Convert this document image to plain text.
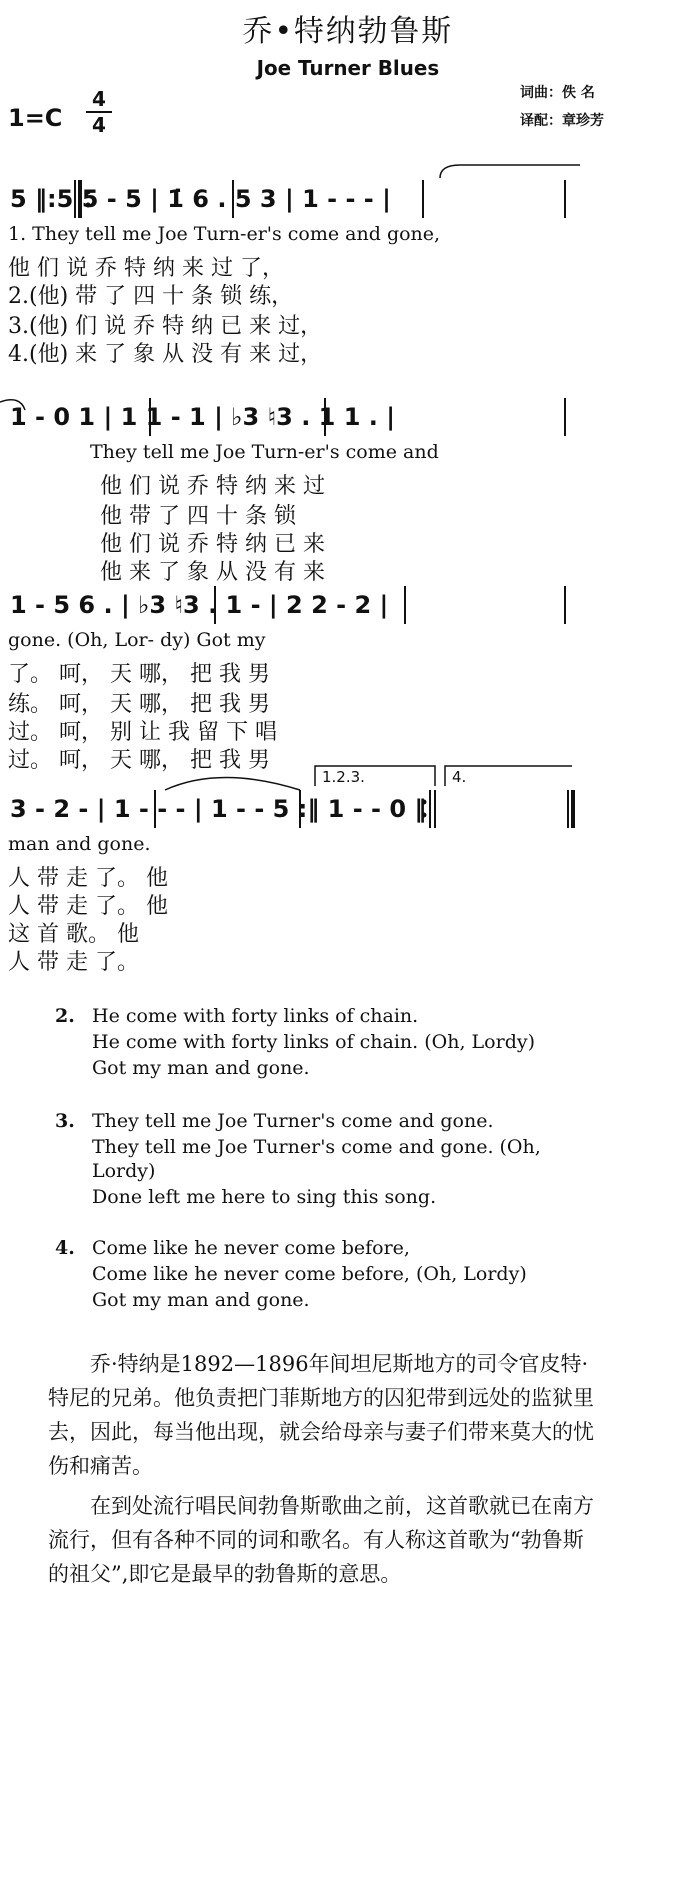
乔•特纳勃鲁斯
Joe Turner Blues
1=C
4
4
词曲：佚 名
译配：章珍芳
5 ‖:5 5 - 5 | 1̇ 6 . 5 3 | 1 - - - |
1. They tell me Joe Turn-er's come and gone,
他 们 说 乔 特 纳 来 过 了，
2.(他) 带 了 四 十 条 锁 练，
3.(他) 们 说 乔 特 纳 已 来 过，
4.(他) 来 了 象 从 没 有 来 过，
1 - 0 1 | 1 1 - 1 | ♭3 ♮3 . 1 1 . |
They tell me Joe Turn-er's come and
他 们 说 乔 特 纳 来 过
他 带 了 四 十 条 锁
他 们 说 乔 特 纳 已 来
他 来 了 象 从 没 有 来
1 - 5 6 . | ♭3 ♮3 . 1 - | 2 2 - 2 |
gone. (Oh, Lor- dy) Got my
了。 呵， 天 哪， 把 我 男
练。 呵， 天 哪， 把 我 男
过。 呵， 别 让 我 留 下 唱
过。 呵， 天 哪， 把 我 男
1.2.3.	4.
3 - 2 - | 1 - - - | 1 - - 5 :‖ 1 - - 0 ‖
man and gone.
人 带 走 了。 他
人 带 走 了。 他
这 首 歌。 他
人 带 走 了。
2. He come with forty links of chain.
He come with forty links of chain. (Oh, Lordy)
Got my man and gone.
3. They tell me Joe Turner's come and gone.
They tell me Joe Turner's come and gone. (Oh,
Lordy)
Done left me here to sing this song.
4. Come like he never come before,
Come like he never come before, (Oh, Lordy)
Got my man and gone.
乔·特纳是1892—1896年间坦尼斯地方的司令官皮特·
特尼的兄弟。他负责把门菲斯地方的囚犯带到远处的监狱里
去，因此，每当他出现，就会给母亲与妻子们带来莫大的忧
伤和痛苦。
在到处流行唱民间勃鲁斯歌曲之前，这首歌就已在南方
流行，但有各种不同的词和歌名。有人称这首歌为“勃鲁斯
的祖父”,即它是最早的勃鲁斯的意思。
